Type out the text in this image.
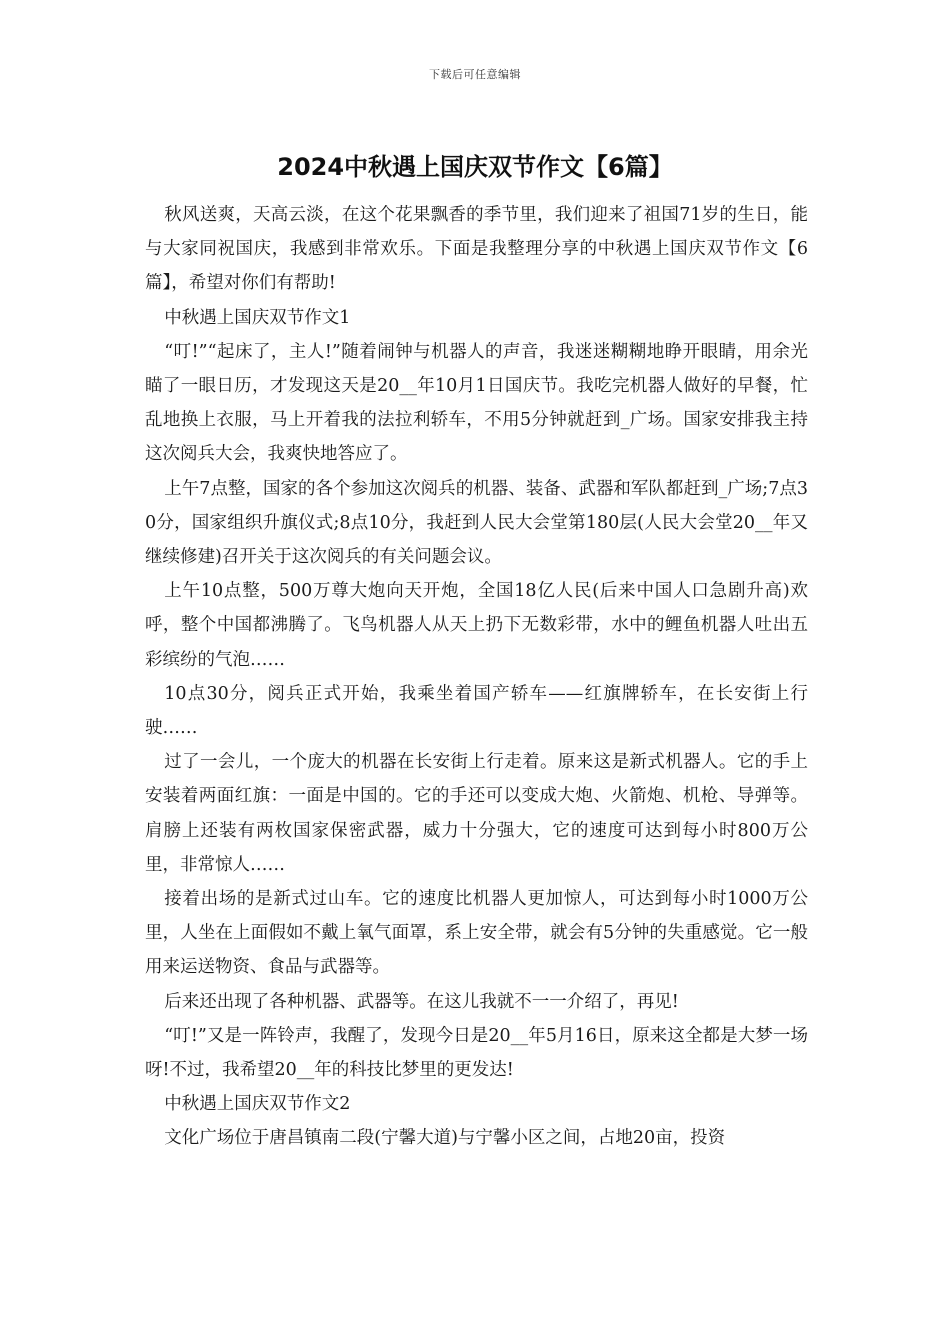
下载后可任意编辑
2024中秋遇上国庆双节作文【6篇】

秋风送爽，天高云淡，在这个花果飘香的季节里，我们迎来了祖国71岁的生日，能与大家同祝国庆，我感到非常欢乐。下面是我整理分享的中秋遇上国庆双节作文【6篇】，希望对你们有帮助!

中秋遇上国庆双节作文1

“叮!”“起床了，主人!”随着闹钟与机器人的声音，我迷迷糊糊地睁开眼睛，用余光瞄了一眼日历，才发现这天是20__年10月1日国庆节。我吃完机器人做好的早餐，忙乱地换上衣服，马上开着我的法拉利轿车，不用5分钟就赶到_广场。国家安排我主持这次阅兵大会，我爽快地答应了。

上午7点整，国家的各个参加这次阅兵的机器、装备、武器和军队都赶到_广场;7点30分，国家组织升旗仪式;8点10分，我赶到人民大会堂第180层(人民大会堂20__年又继续修建)召开关于这次阅兵的有关问题会议。

上午10点整，500万尊大炮向天开炮，全国18亿人民(后来中国人口急剧升高)欢呼，整个中国都沸腾了。飞鸟机器人从天上扔下无数彩带，水中的鲤鱼机器人吐出五彩缤纷的气泡……

10点30分，阅兵正式开始，我乘坐着国产轿车——红旗牌轿车，在长安街上行驶……

过了一会儿，一个庞大的机器在长安街上行走着。原来这是新式机器人。它的手上安装着两面红旗：一面是中国的。它的手还可以变成大炮、火箭炮、机枪、导弹等。肩膀上还装有两枚国家保密武器，威力十分强大，它的速度可达到每小时800万公里，非常惊人……

接着出场的是新式过山车。它的速度比机器人更加惊人，可达到每小时1000万公里，人坐在上面假如不戴上氧气面罩，系上安全带，就会有5分钟的失重感觉。它一般用来运送物资、食品与武器等。

后来还出现了各种机器、武器等。在这儿我就不一一介绍了，再见!

“叮!”又是一阵铃声，我醒了，发现今日是20__年5月16日，原来这全都是大梦一场呀!不过，我希望20__年的科技比梦里的更发达!

中秋遇上国庆双节作文2

文化广场位于唐昌镇南二段(宁馨大道)与宁馨小区之间，占地20亩，投资
